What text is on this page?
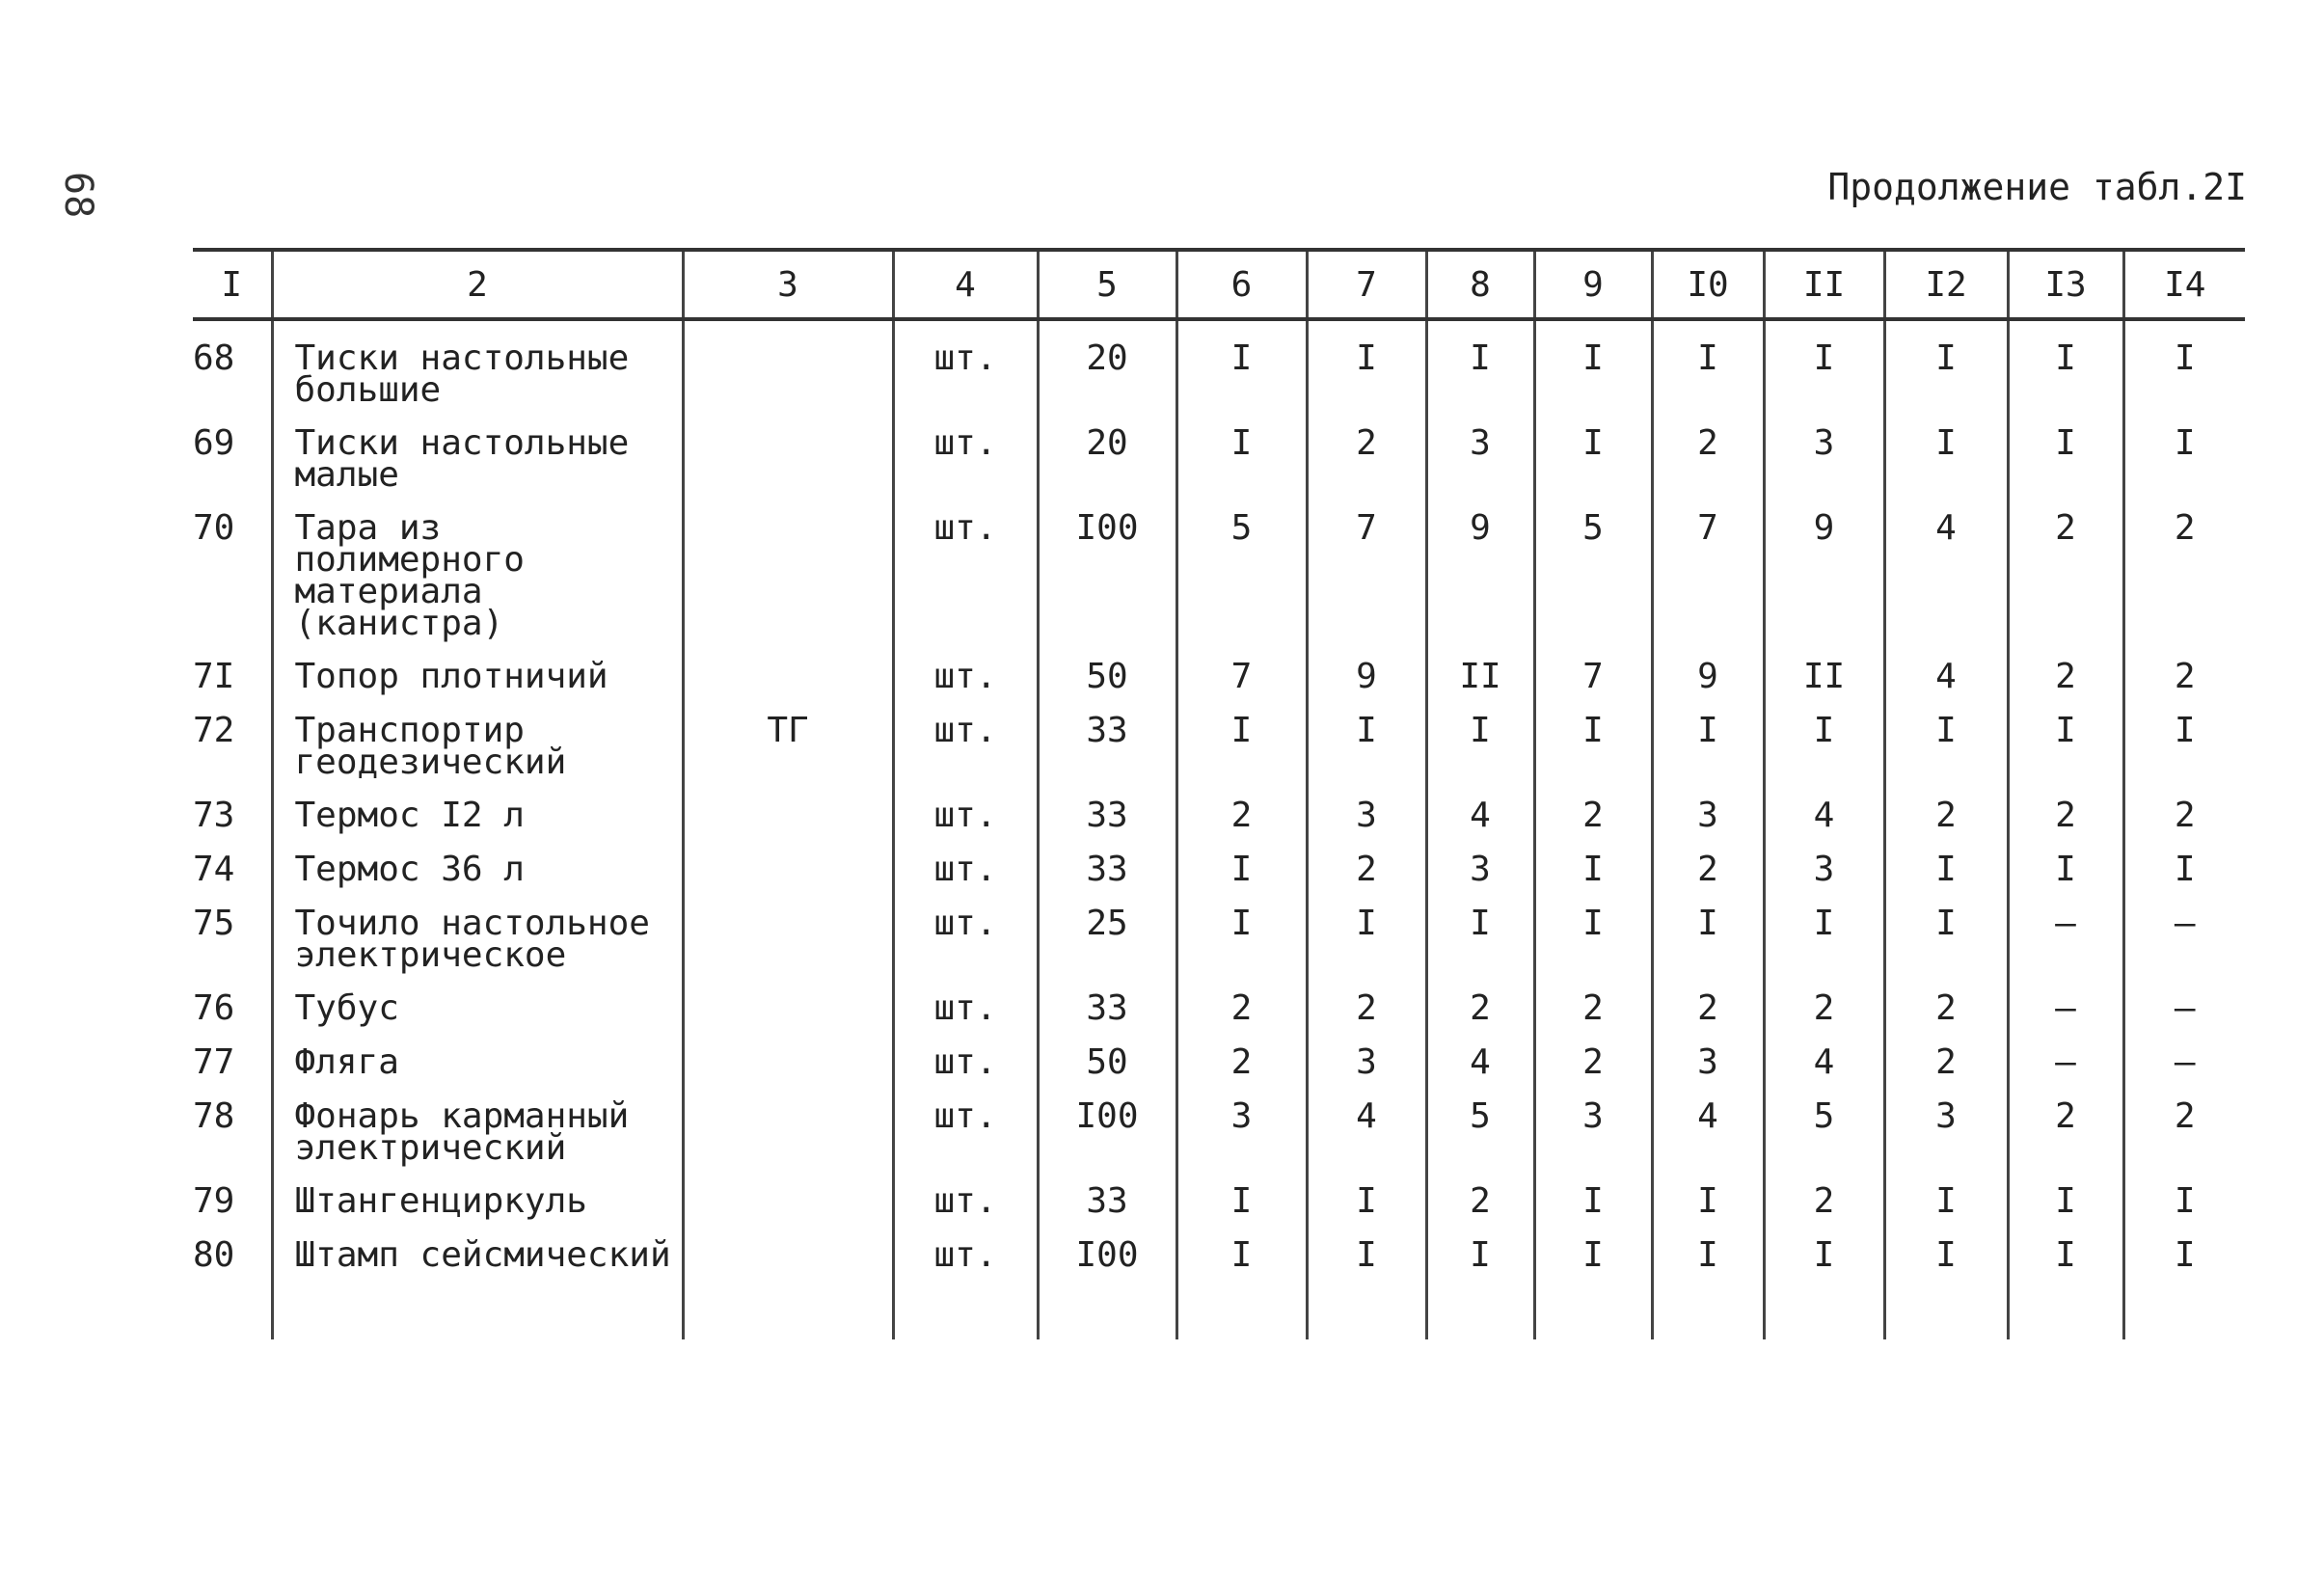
68	Продолжение табл.2I
I	2	3	4	5	6	7	8	9	I0	II	I2	I3	I4
68	Тиски настольные большие		шт.	20	I	I	I	I	I	I	I	I	I
69	Тиски настольные малые		шт.	20	I	2	3	I	2	3	I	I	I
70	Тара из полимерного материала (канистра)		шт.	I00	5	7	9	5	7	9	4	2	2
7I	Топор плотничий		шт.	50	7	9	II	7	9	II	4	2	2
72	Транспортир геодезический	ТГ	шт.	33	I	I	I	I	I	I	I	I	I
73	Термос I2 л		шт.	33	2	3	4	2	3	4	2	2	2
74	Термос 36 л		шт.	33	I	2	3	I	2	3	I	I	I
75	Точило настольное электрическое		шт.	25	I	I	I	I	I	I	I	–	–
76	Тубус		шт.	33	2	2	2	2	2	2	2	–	–
77	Фляга		шт.	50	2	3	4	2	3	4	2	–	–
78	Фонарь карманный электрический		шт.	I00	3	4	5	3	4	5	3	2	2
79	Штангенциркуль		шт.	33	I	I	2	I	I	2	I	I	I
80	Штамп сейсмический		шт.	I00	I	I	I	I	I	I	I	I	I
